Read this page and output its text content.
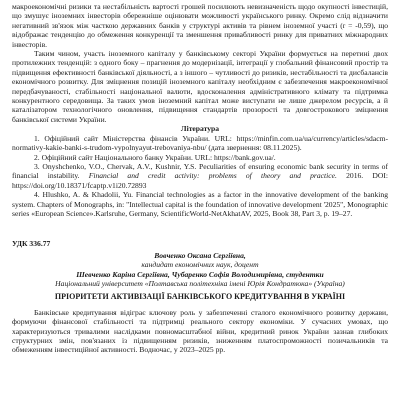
макроекономічні ризики та нестабільність вартості грошей посилюють невизначеність щодо окупності інвестицій, що змушує іноземних інвесторів обережніше оцінювати можливості українського ринку. Окремо слід відзначити негативний зв'язок між часткою державних банків у структурі активів та рівнем іноземної участі (r = -0,59), що відображає тенденцію до обмеження конкуренції та зменшення привабливості ринку для приватних міжнародних інвесторів.

Таким чином, участь іноземного капіталу у банківському секторі України формується на перетині двох протилежних тенденцій: з одного боку – прагнення до модернізації, інтеграції у глобальний фінансовий простір та підвищення ефективності банківської діяльності, а з іншого – чутливості до ризиків, нестабільності та дисбалансів економічного розвитку. Для зміцнення позицій іноземного капіталу необхідним є забезпечення макроекономічної передбачуваності, стабільності національної валюти, вдосконалення адміністративного клімату та підтримка конкурентного середовища. За таких умов іноземний капітал може виступати не лише джерелом ресурсів, а й каталізатором технологічного оновлення, підвищення стандартів прозорості та довгострокового зміцнення банківської системи України.

Література

1. Офіційний сайт Міністерства фінансів України. URL: https://minfin.com.ua/ua/currency/articles/sdacm-normativy-kakie-banki-s-trudom-vypolnyayut-trebovaniya-nbu/ (дата звернення: 08.11.2025).

2. Офіційний сайт Національного банку України. URL: https://bank.gov.ua/.

3. Onyshchenko, V.O., Chervak, A.V., Kushnir, Y.S. Peculiarities of ensuring economic bank security in terms of financial instability. Financial and credit activity: problems of theory and practice. 2016. DOI: https://doi.org/10.18371/fcaptp.v1i20.72893

4. Hlushko, A. & Khadolii, Yu. Financial technologies as a factor in the innovative development of the banking system. Chapters of Monographs, in: "Intellectual capital is the foundation of innovative development '2025", Monographic series «European Science».Karlsruhe, Germany, ScientificWorld-NetAkhatAV, 2025, Book 38, Part 3, p. 19–27.

УДК 336.77

Вовченко Оксана Сергіївна,

кандидат економічних наук, доцент

Шевченко Каріна Сергіївна, Чубаренко Софія Володимирівна, студентки

Національний університет «Полтавська політехніка імені Юрія Кондратюка» (Україна)

ПРІОРИТЕТИ АКТИВІЗАЦІЇ БАНКІВСЬКОГО КРЕДИТУВАННЯ В УКРАЇНІ

Банківське кредитування відіграє ключову роль у забезпеченні сталого економічного розвитку держави, формуючи фінансової стабільності та підтримці реального сектору економіки. У сучасних умовах, що характеризуються тривалими наслідками повномасштабної війни, кредитний ринок України зазнав глибоких структурних змін, пов'язаних із підвищенням ризиків, зниженням платоспроможності позичальників та обмеженням інвестиційної активності. Водночас, у 2023–2025 рр.
